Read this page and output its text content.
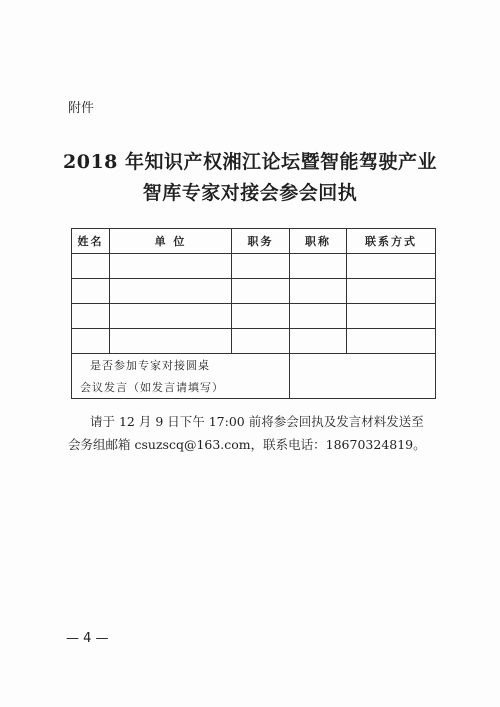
附件
2018 年知识产权湘江论坛暨智能驾驶产业
智库专家对接会参会回执
姓名	单 位	职务	职称	联系方式

是否参加专家对接圆桌				
会议发言（如发言请填写）				
请于 12 月 9 日下午 17:00 前将参会回执及发言材料发送至
会务组邮箱 csuzscq@163.com，联系电话：18670324819。
— 4 —
